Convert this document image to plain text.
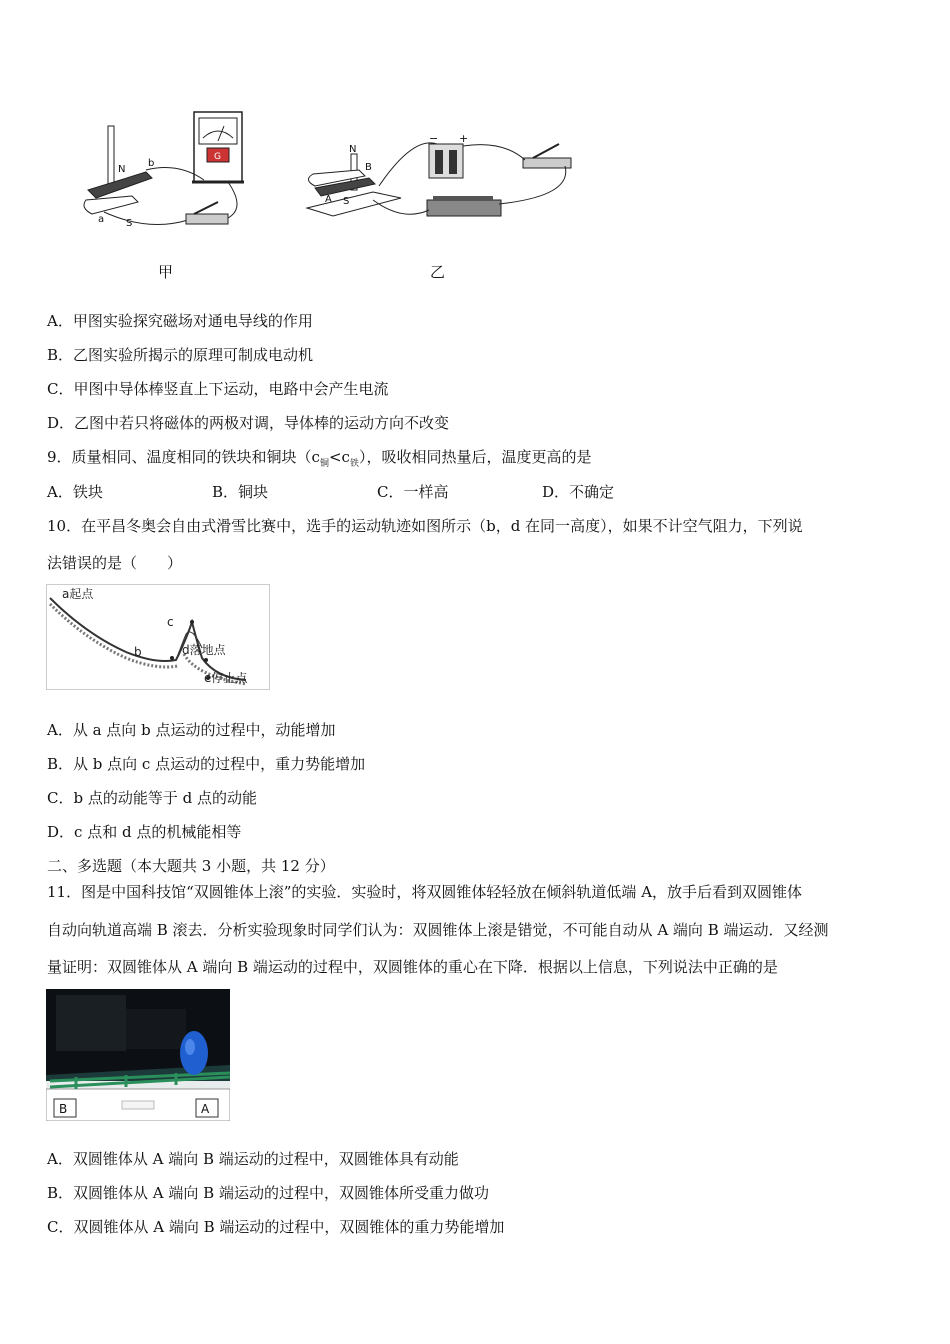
G
N
S
a
b
甲
N
S
A
B
− +
乙
A．甲图实验探究磁场对通电导线的作用
B．乙图实验所揭示的原理可制成电动机
C．甲图中导体棒竖直上下运动，电路中会产生电流
D．乙图中若只将磁体的两极对调，导体棒的运动方向不改变
9．质量相同、温度相同的铁块和铜块$(c_铜<c_铁)$，吸收相同热量后，温度更高的是
A．铁块	B．铜块	C．一样高	D．不确定
10．在平昌冬奥会自由式滑雪比赛中，选手的运动轨迹如图所示（b，d 在同一高度），如果不计空气阻力，下列说
法错误的是（　　）
a起点
b
c
d落地点
e停止点
A．从 a 点向 b 点运动的过程中，动能增加
B．从 b 点向 c 点运动的过程中，重力势能增加
C．b 点的动能等于 d 点的动能
D．c 点和 d 点的机械能相等
二、多选题（本大题共 3 小题，共 12 分）
11．图是中国科技馆“双圆锥体上滚”的实验．实验时，将双圆锥体轻轻放在倾斜轨道低端 A，放手后看到双圆锥体
自动向轨道高端 B 滚去．分析实验现象时同学们认为：双圆锥体上滚是错觉，不可能自动从 A 端向 B 端运动．又经测
量证明：双圆锥体从 A 端向 B 端运动的过程中，双圆锥体的重心在下降．根据以上信息，下列说法中正确的是
B	A
A．双圆锥体从 A 端向 B 端运动的过程中，双圆锥体具有动能
B．双圆锥体从 A 端向 B 端运动的过程中，双圆锥体所受重力做功
C．双圆锥体从 A 端向 B 端运动的过程中，双圆锥体的重力势能增加
